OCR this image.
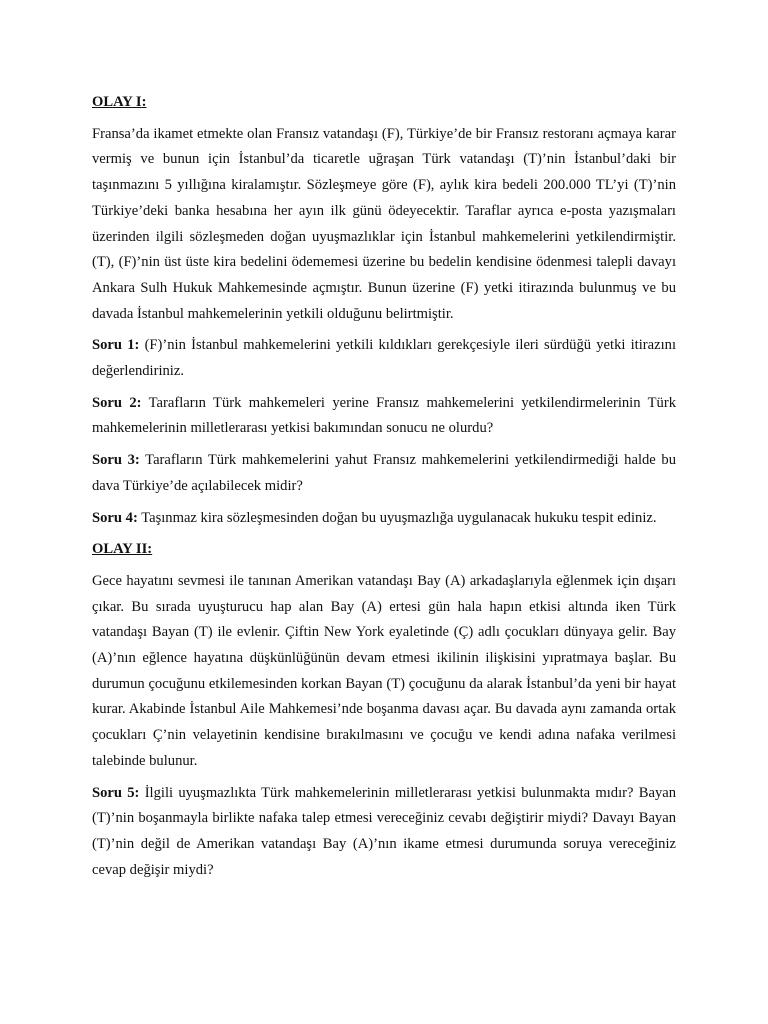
OLAY I:

Fransa’da ikamet etmekte olan Fransız vatandaşı (F), Türkiye’de bir Fransız restoranı açmaya karar vermiş ve bunun için İstanbul’da ticaretle uğraşan Türk vatandaşı (T)’nin İstanbul’daki bir taşınmazını 5 yıllığına kiralamıştır. Sözleşmeye göre (F), aylık kira bedeli 200.000 TL’yi (T)’nin Türkiye’deki banka hesabına her ayın ilk günü ödeyecektir. Taraflar ayrıca e-posta yazışmaları üzerinden ilgili sözleşmeden doğan uyuşmazlıklar için İstanbul mahkemelerini yetkilendirmiştir. (T), (F)’nin üst üste kira bedelini ödememesi üzerine bu bedelin kendisine ödenmesi talepli davayı Ankara Sulh Hukuk Mahkemesinde açmıştır. Bunun üzerine (F) yetki itirazında bulunmuş ve bu davada İstanbul mahkemelerinin yetkili olduğunu belirtmiştir.

Soru 1: (F)’nin İstanbul mahkemelerini yetkili kıldıkları gerekçesiyle ileri sürdüğü yetki itirazını değerlendiriniz.

Soru 2: Tarafların Türk mahkemeleri yerine Fransız mahkemelerini yetkilendirmelerinin Türk mahkemelerinin milletlerarası yetkisi bakımından sonucu ne olurdu?

Soru 3: Tarafların Türk mahkemelerini yahut Fransız mahkemelerini yetkilendirmediği halde bu dava Türkiye’de açılabilecek midir?

Soru 4: Taşınmaz kira sözleşmesinden doğan bu uyuşmazlığa uygulanacak hukuku tespit ediniz.

OLAY II:

Gece hayatını sevmesi ile tanınan Amerikan vatandaşı Bay (A) arkadaşlarıyla eğlenmek için dışarı çıkar. Bu sırada uyuşturucu hap alan Bay (A) ertesi gün hala hapın etkisi altında iken Türk vatandaşı Bayan (T) ile evlenir. Çiftin New York eyaletinde (Ç) adlı çocukları dünyaya gelir. Bay (A)’nın eğlence hayatına düşkünlüğünün devam etmesi ikilinin ilişkisini yıpratmaya başlar. Bu durumun çocuğunu etkilemesinden korkan Bayan (T) çocuğunu da alarak İstanbul’da yeni bir hayat kurar. Akabinde İstanbul Aile Mahkemesi’nde boşanma davası açar. Bu davada aynı zamanda ortak çocukları Ç’nin velayetinin kendisine bırakılmasını ve çocuğu ve kendi adına nafaka verilmesi talebinde bulunur.

Soru 5: İlgili uyuşmazlıkta Türk mahkemelerinin milletlerarası yetkisi bulunmakta mıdır? Bayan (T)’nin boşanmayla birlikte nafaka talep etmesi vereceğiniz cevabı değiştirir miydi? Davayı Bayan (T)’nin değil de Amerikan vatandaşı Bay (A)’nın ikame etmesi durumunda soruya vereceğiniz cevap değişir miydi?
